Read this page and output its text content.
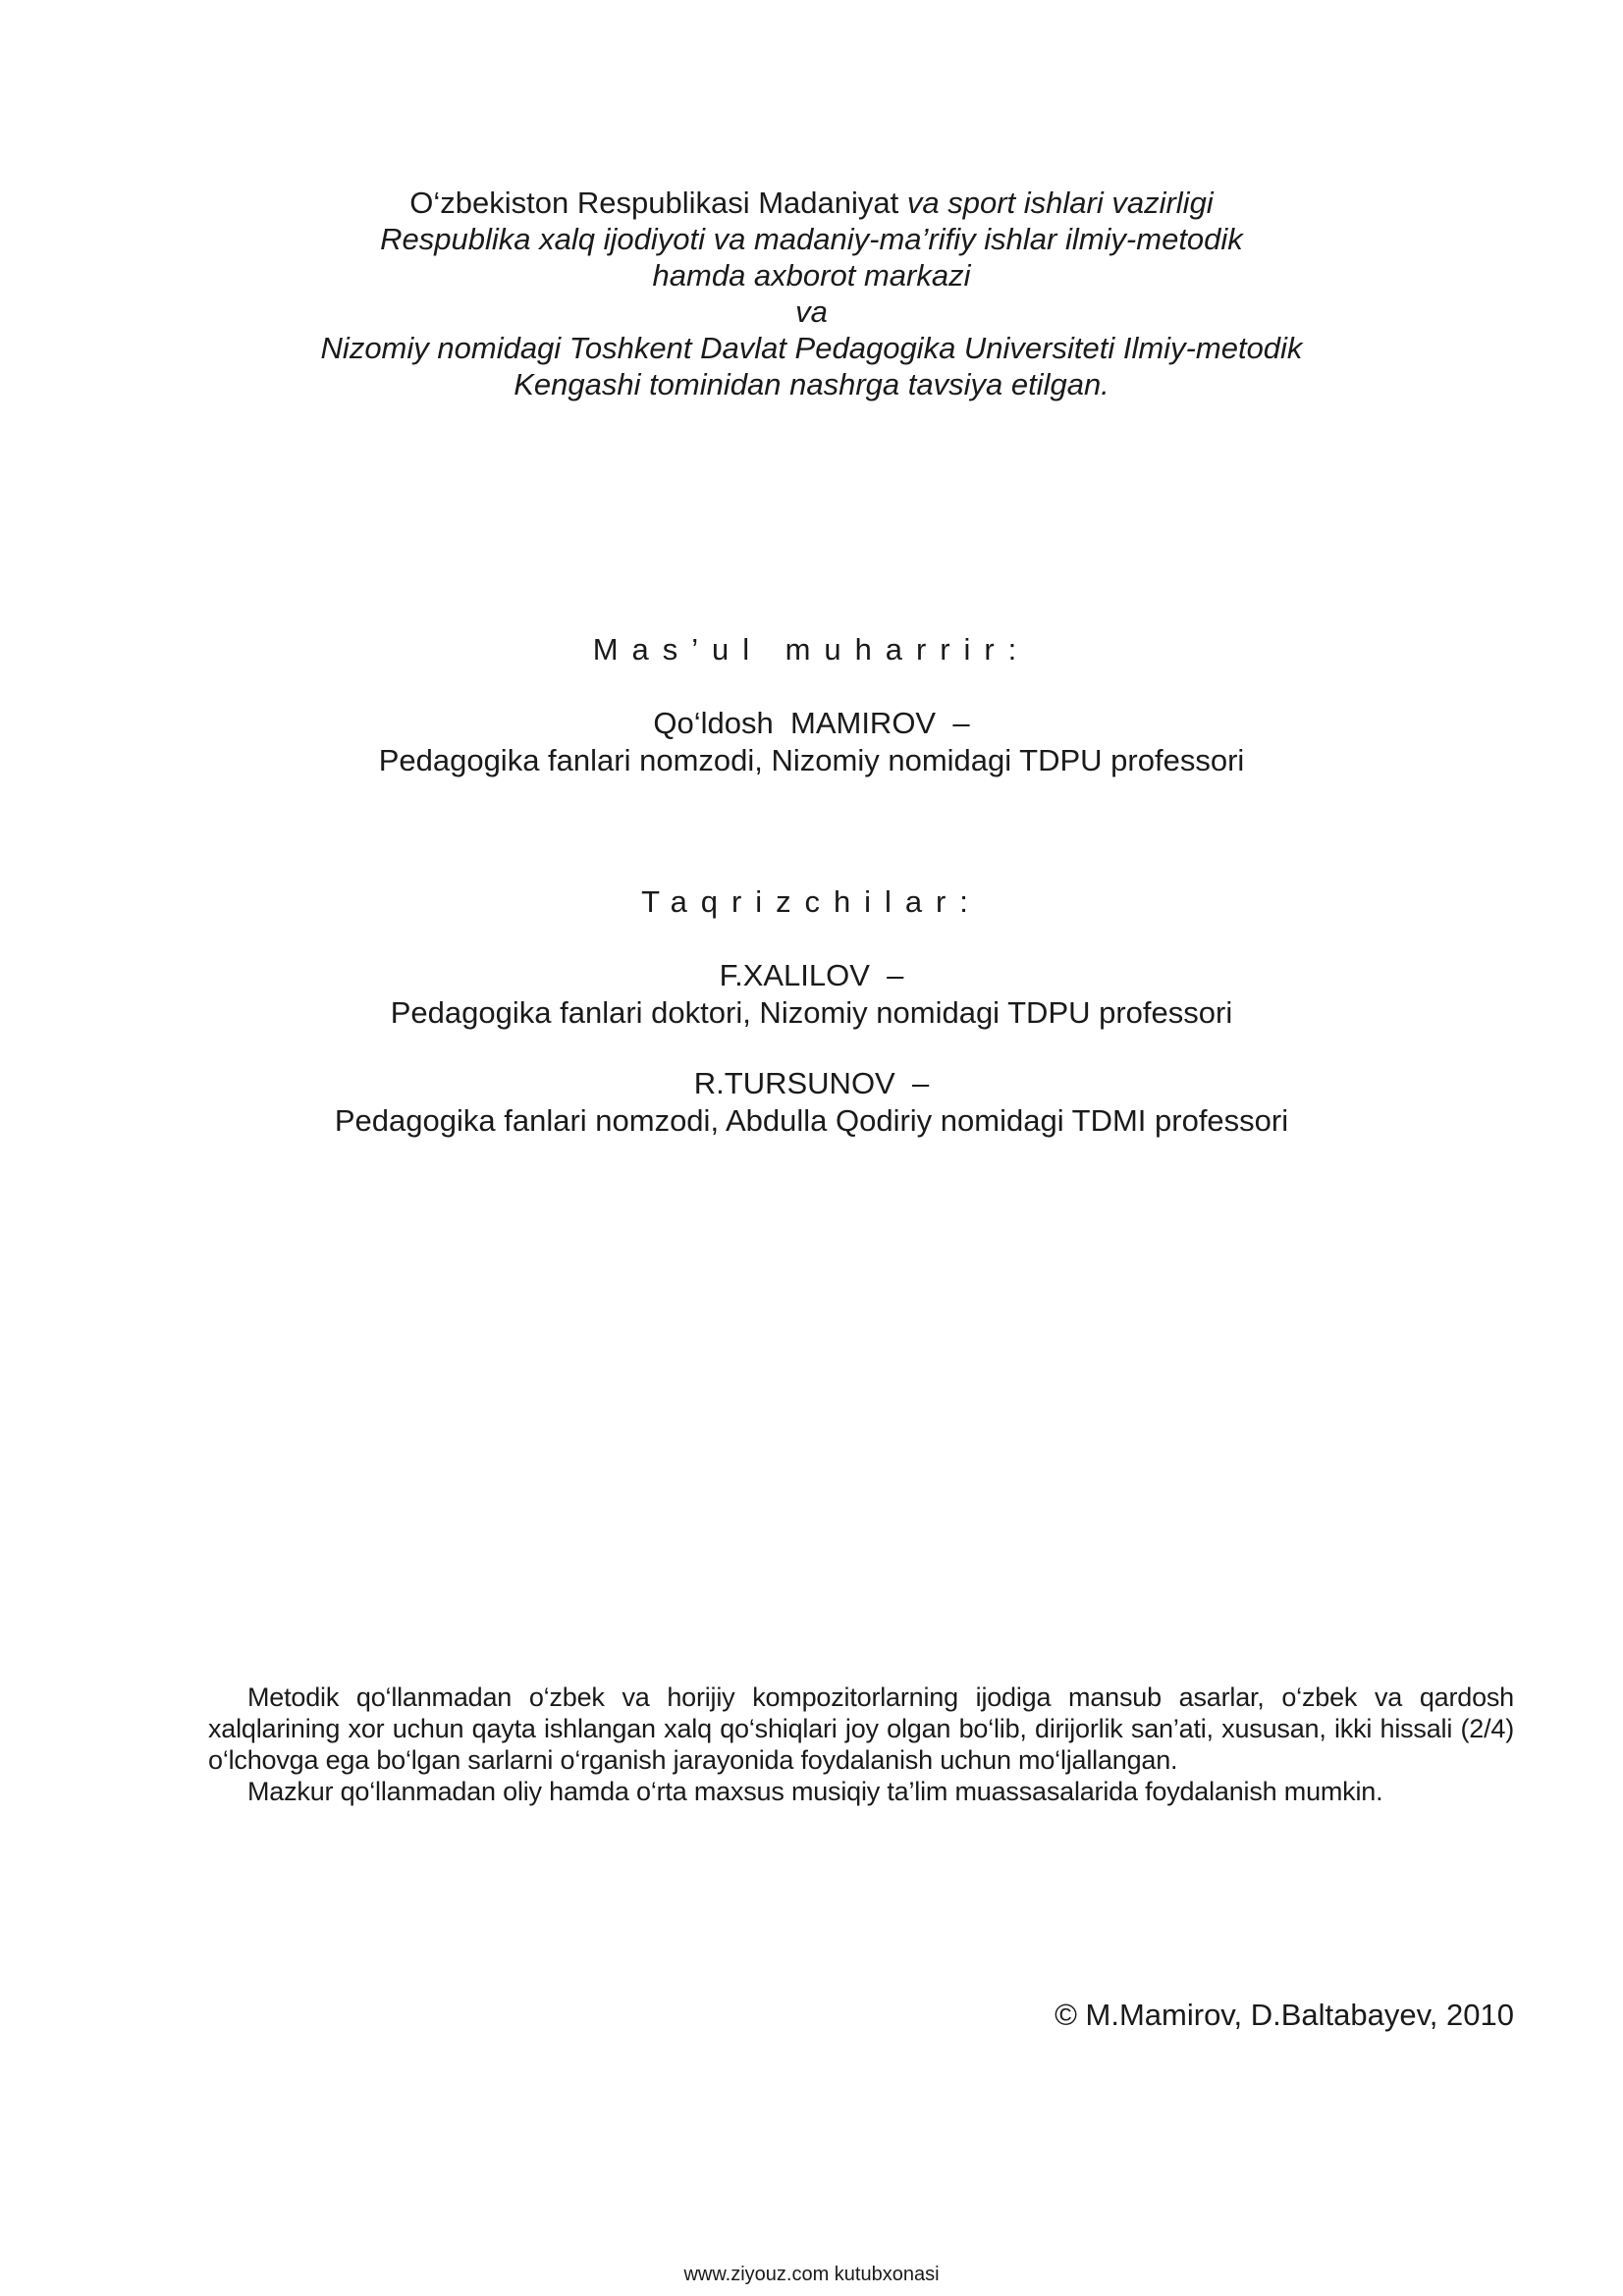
O‘zbekiston Respublikasi Madaniyat va sport ishlari vazirligi
Respublika xalq ijodiyoti va madaniy-ma’rifiy ishlar ilmiy-metodik
hamda axborot markazi
va
Nizomiy nomidagi Toshkent Davlat Pedagogika Universiteti Ilmiy-metodik
Kengashi tominidan nashrga tavsiya etilgan.
Mas’ul muharrir:
Qo‘ldosh  MAMIROV  –
Pedagogika fanlari nomzodi, Nizomiy nomidagi TDPU professori
Taqrizchilar:
F.XALILOV  –
Pedagogika fanlari doktori, Nizomiy nomidagi TDPU professori
R.TURSUNOV  –
Pedagogika fanlari nomzodi, Abdulla Qodiriy nomidagi TDMI professori

Metodik qo‘llanmadan o‘zbek va horijiy kompozitorlarning ijodiga mansub asarlar, o‘zbek va qardosh xalqlarining xor uchun qayta ishlangan xalq qo‘shiqlari joy olgan bo‘lib, dirijorlik san’ati, xususan, ikki hissali (2/4) o‘lchovga ega bo‘lgan sarlarni o‘rganish jarayonida foydalanish uchun mo‘ljallangan.

Mazkur qo‘llanmadan oliy hamda o‘rta maxsus musiqiy ta’lim muassasalarida foydalanish mumkin.

© M.Mamirov, D.Baltabayev, 2010
www.ziyouz.com kutubxonasi
